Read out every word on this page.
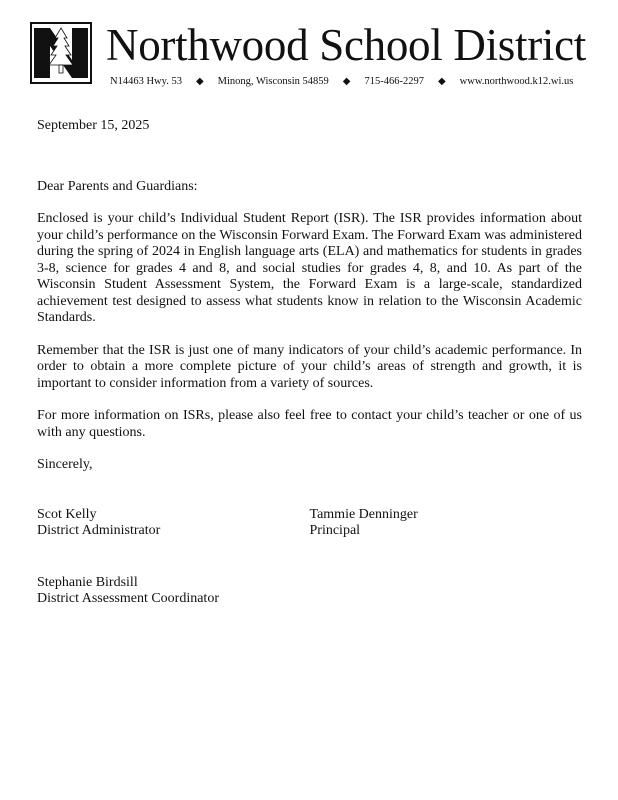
Northwood School District
N14463 Hwy. 53 ◆ Minong, Wisconsin 54859 ◆ 715-466-2297 ◆ www.northwood.k12.wi.us

September 15, 2025

Dear Parents and Guardians:

Enclosed is your child’s Individual Student Report (ISR). The ISR provides information about your child’s performance on the Wisconsin Forward Exam. The Forward Exam was administered during the spring of 2024 in English language arts (ELA) and mathematics for students in grades 3-8, science for grades 4 and 8, and social studies for grades 4, 8, and 10. As part of the Wisconsin Student Assessment System, the Forward Exam is a large-scale, standardized achievement test designed to assess what students know in relation to the Wisconsin Academic Standards.

Remember that the ISR is just one of many indicators of your child’s academic performance. In order to obtain a more complete picture of your child’s areas of strength and growth, it is important to consider information from a variety of sources.

For more information on ISRs, please also feel free to contact your child’s teacher or one of us with any questions.

Sincerely,

Scot Kelly
District Administrator
Tammie Denninger
Principal
Stephanie Birdsill
District Assessment Coordinator
